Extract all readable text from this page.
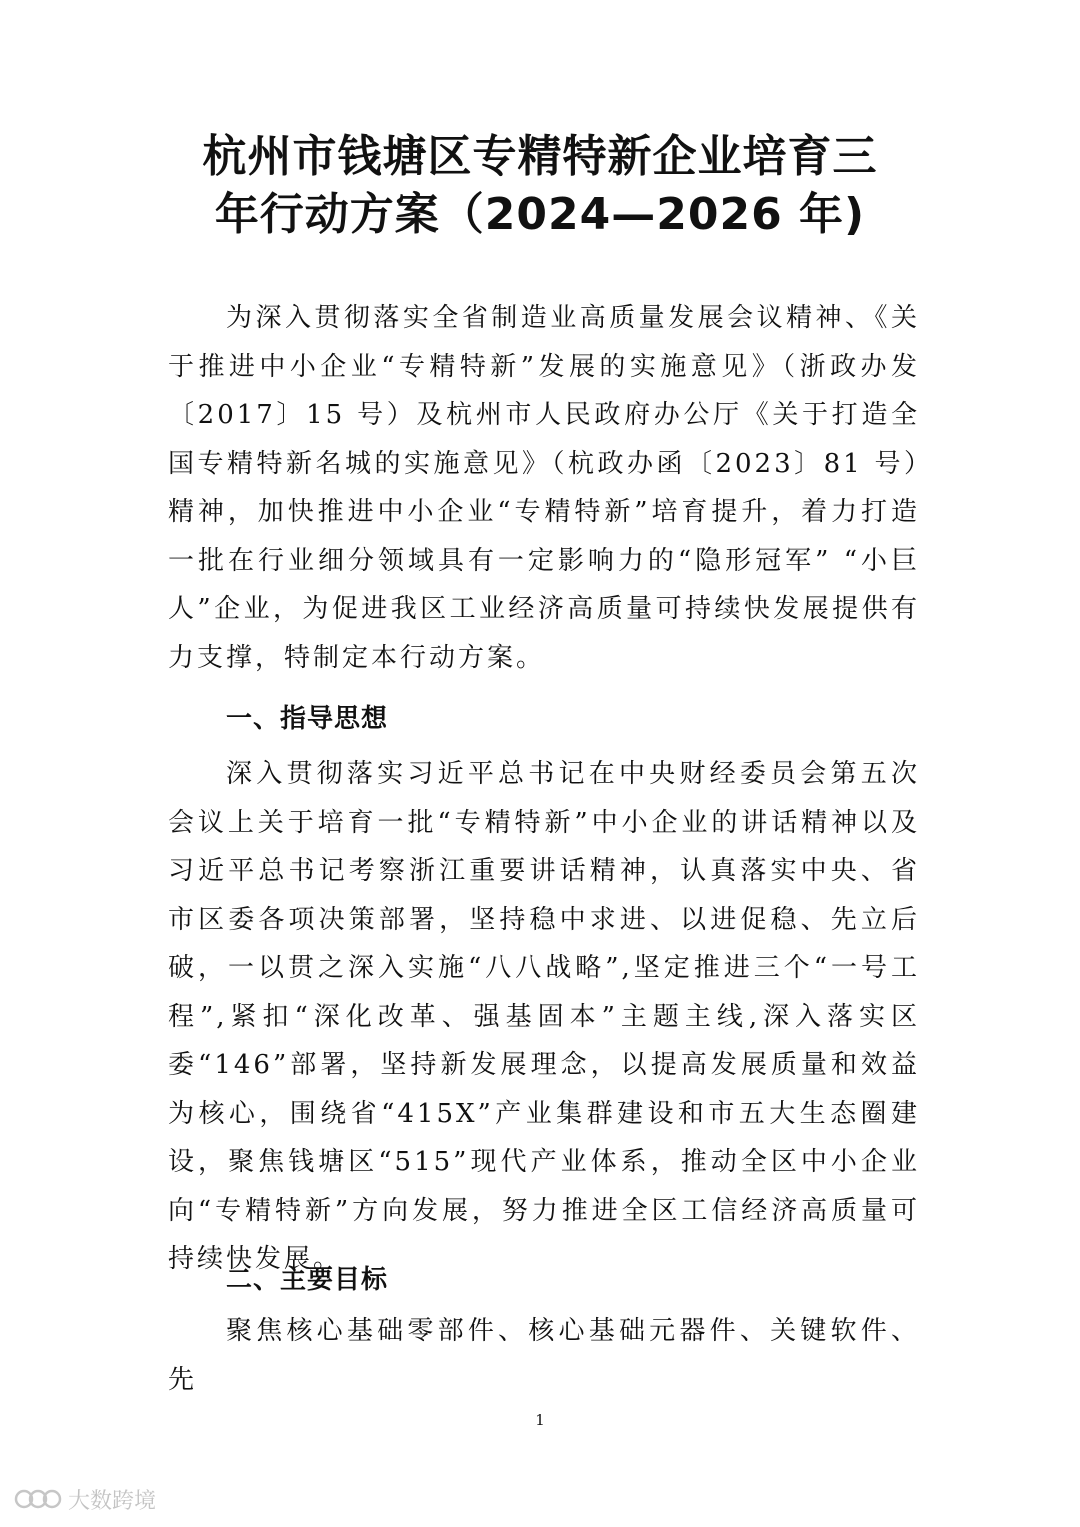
杭州市钱塘区专精特新企业培育三
年行动方案（2024—2026 年)

为深入贯彻落实全省制造业高质量发展会议精神、《关于推进中小企业“专精特新”发展的实施意见》（浙政办发〔2017〕15 号）及杭州市人民政府办公厅《关于打造全国专精特新名城的实施意见》（杭政办函〔2023〕81 号）精神，加快推进中小企业“专精特新”培育提升，着力打造一批在行业细分领域具有一定影响力的“隐形冠军” “小巨人”企业，为促进我区工业经济高质量可持续快发展提供有力支撑，特制定本行动方案。

一、指导思想

深入贯彻落实习近平总书记在中央财经委员会第五次会议上关于培育一批“专精特新”中小企业的讲话精神以及习近平总书记考察浙江重要讲话精神，认真落实中央、省市区委各项决策部署，坚持稳中求进、以进促稳、先立后破，一以贯之深入实施“八八战略”,坚定推进三个“一号工程”,紧扣“深化改革、强基固本”主题主线,深入落实区委“146”部署，坚持新发展理念，以提高发展质量和效益为核心，围绕省“415X”产业集群建设和市五大生态圈建设，聚焦钱塘区“515”现代产业体系，推动全区中小企业向“专精特新”方向发展，努力推进全区工信经济高质量可持续快发展。

二、主要目标

聚焦核心基础零部件、核心基础元器件、关键软件、先

1
大数跨境
